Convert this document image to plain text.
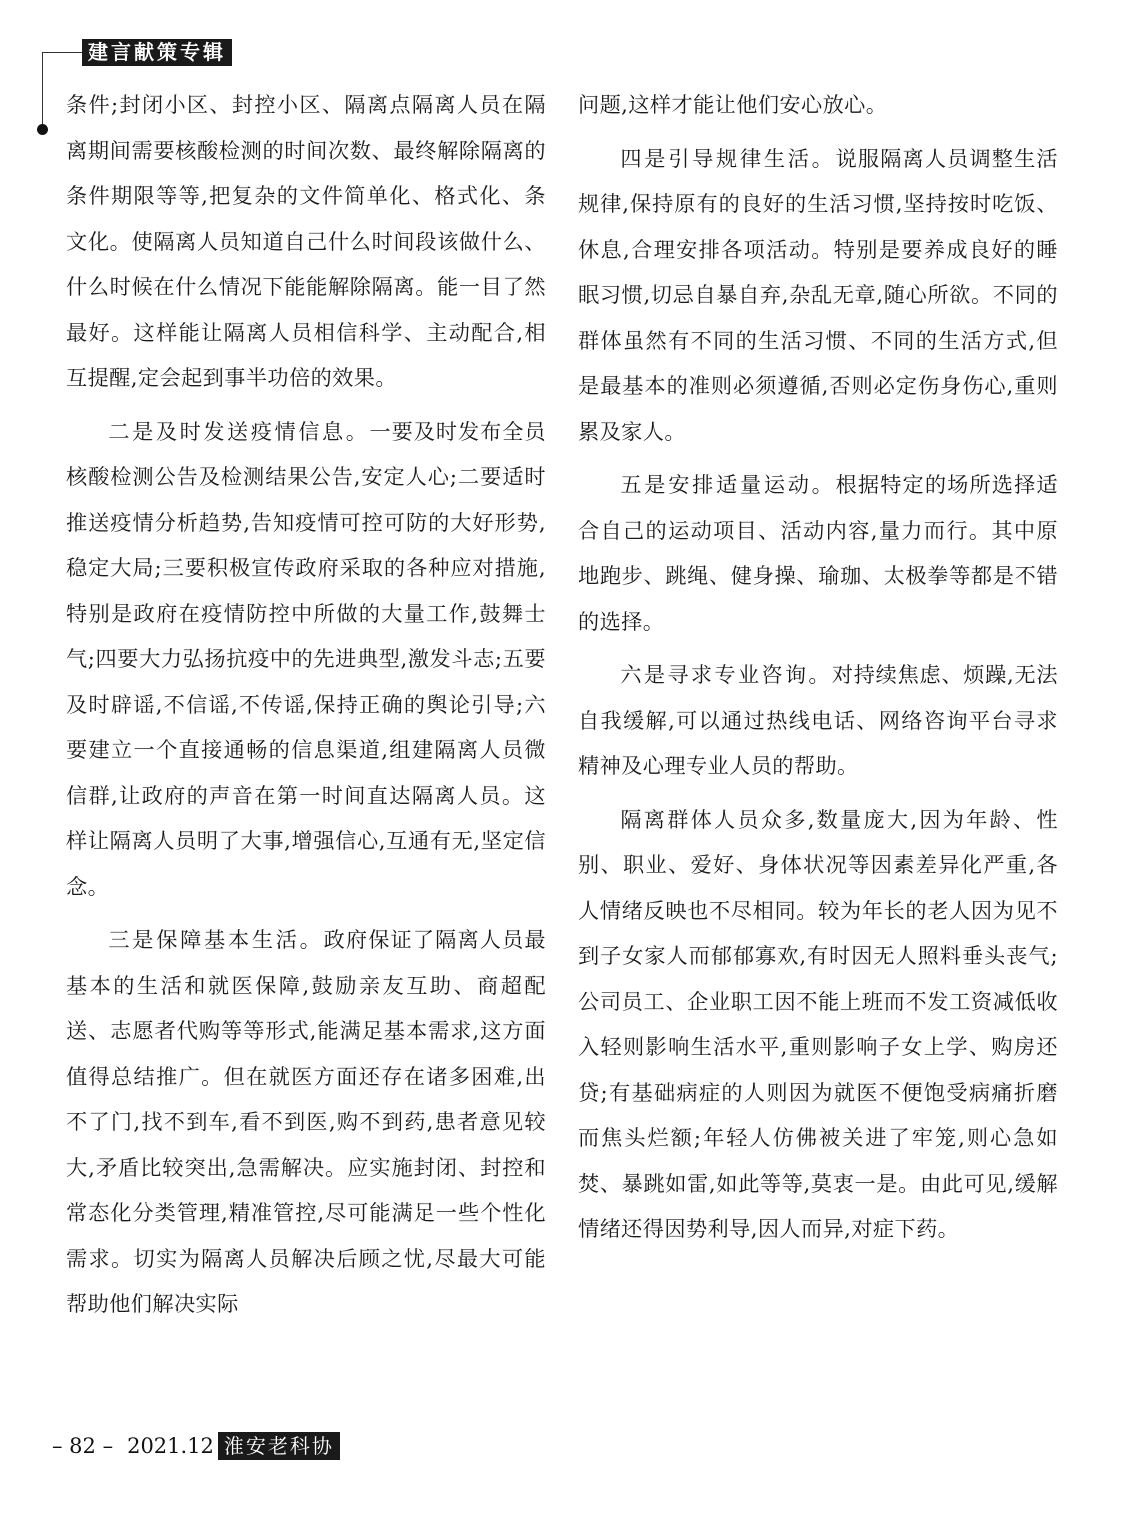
建言献策专辑

条件;封闭小区、封控小区、隔离点隔离人员在隔离期间需要核酸检测的时间次数、最终解除隔离的条件期限等等,把复杂的文件简单化、格式化、条文化。使隔离人员知道自己什么时间段该做什么、什么时候在什么情况下能能解除隔离。能一目了然最好。这样能让隔离人员相信科学、主动配合,相互提醒,定会起到事半功倍的效果。

二是及时发送疫情信息。一要及时发布全员核酸检测公告及检测结果公告,安定人心;二要适时推送疫情分析趋势,告知疫情可控可防的大好形势,稳定大局;三要积极宣传政府采取的各种应对措施,特别是政府在疫情防控中所做的大量工作,鼓舞士气;四要大力弘扬抗疫中的先进典型,激发斗志;五要及时辟谣,不信谣,不传谣,保持正确的舆论引导;六要建立一个直接通畅的信息渠道,组建隔离人员微信群,让政府的声音在第一时间直达隔离人员。这样让隔离人员明了大事,增强信心,互通有无,坚定信念。

三是保障基本生活。政府保证了隔离人员最基本的生活和就医保障,鼓励亲友互助、商超配送、志愿者代购等等形式,能满足基本需求,这方面值得总结推广。但在就医方面还存在诸多困难,出不了门,找不到车,看不到医,购不到药,患者意见较大,矛盾比较突出,急需解决。应实施封闭、封控和常态化分类管理,精准管控,尽可能满足一些个性化需求。切实为隔离人员解决后顾之忧,尽最大可能帮助他们解决实际

问题,这样才能让他们安心放心。

四是引导规律生活。说服隔离人员调整生活规律,保持原有的良好的生活习惯,坚持按时吃饭、休息,合理安排各项活动。特别是要养成良好的睡眠习惯,切忌自暴自弃,杂乱无章,随心所欲。不同的群体虽然有不同的生活习惯、不同的生活方式,但是最基本的准则必须遵循,否则必定伤身伤心,重则累及家人。

五是安排适量运动。根据特定的场所选择适合自己的运动项目、活动内容,量力而行。其中原地跑步、跳绳、健身操、瑜珈、太极拳等都是不错的选择。

六是寻求专业咨询。对持续焦虑、烦躁,无法自我缓解,可以通过热线电话、网络咨询平台寻求精神及心理专业人员的帮助。

隔离群体人员众多,数量庞大,因为年龄、性别、职业、爱好、身体状况等因素差异化严重,各人情绪反映也不尽相同。较为年长的老人因为见不到子女家人而郁郁寡欢,有时因无人照料垂头丧气;公司员工、企业职工因不能上班而不发工资减低收入轻则影响生活水平,重则影响子女上学、购房还贷;有基础病症的人则因为就医不便饱受病痛折磨而焦头烂额;年轻人仿佛被关进了牢笼,则心急如焚、暴跳如雷,如此等等,莫衷一是。由此可见,缓解情绪还得因势利导,因人而异,对症下药。

– 82 – 2021.12 淮安老科协
